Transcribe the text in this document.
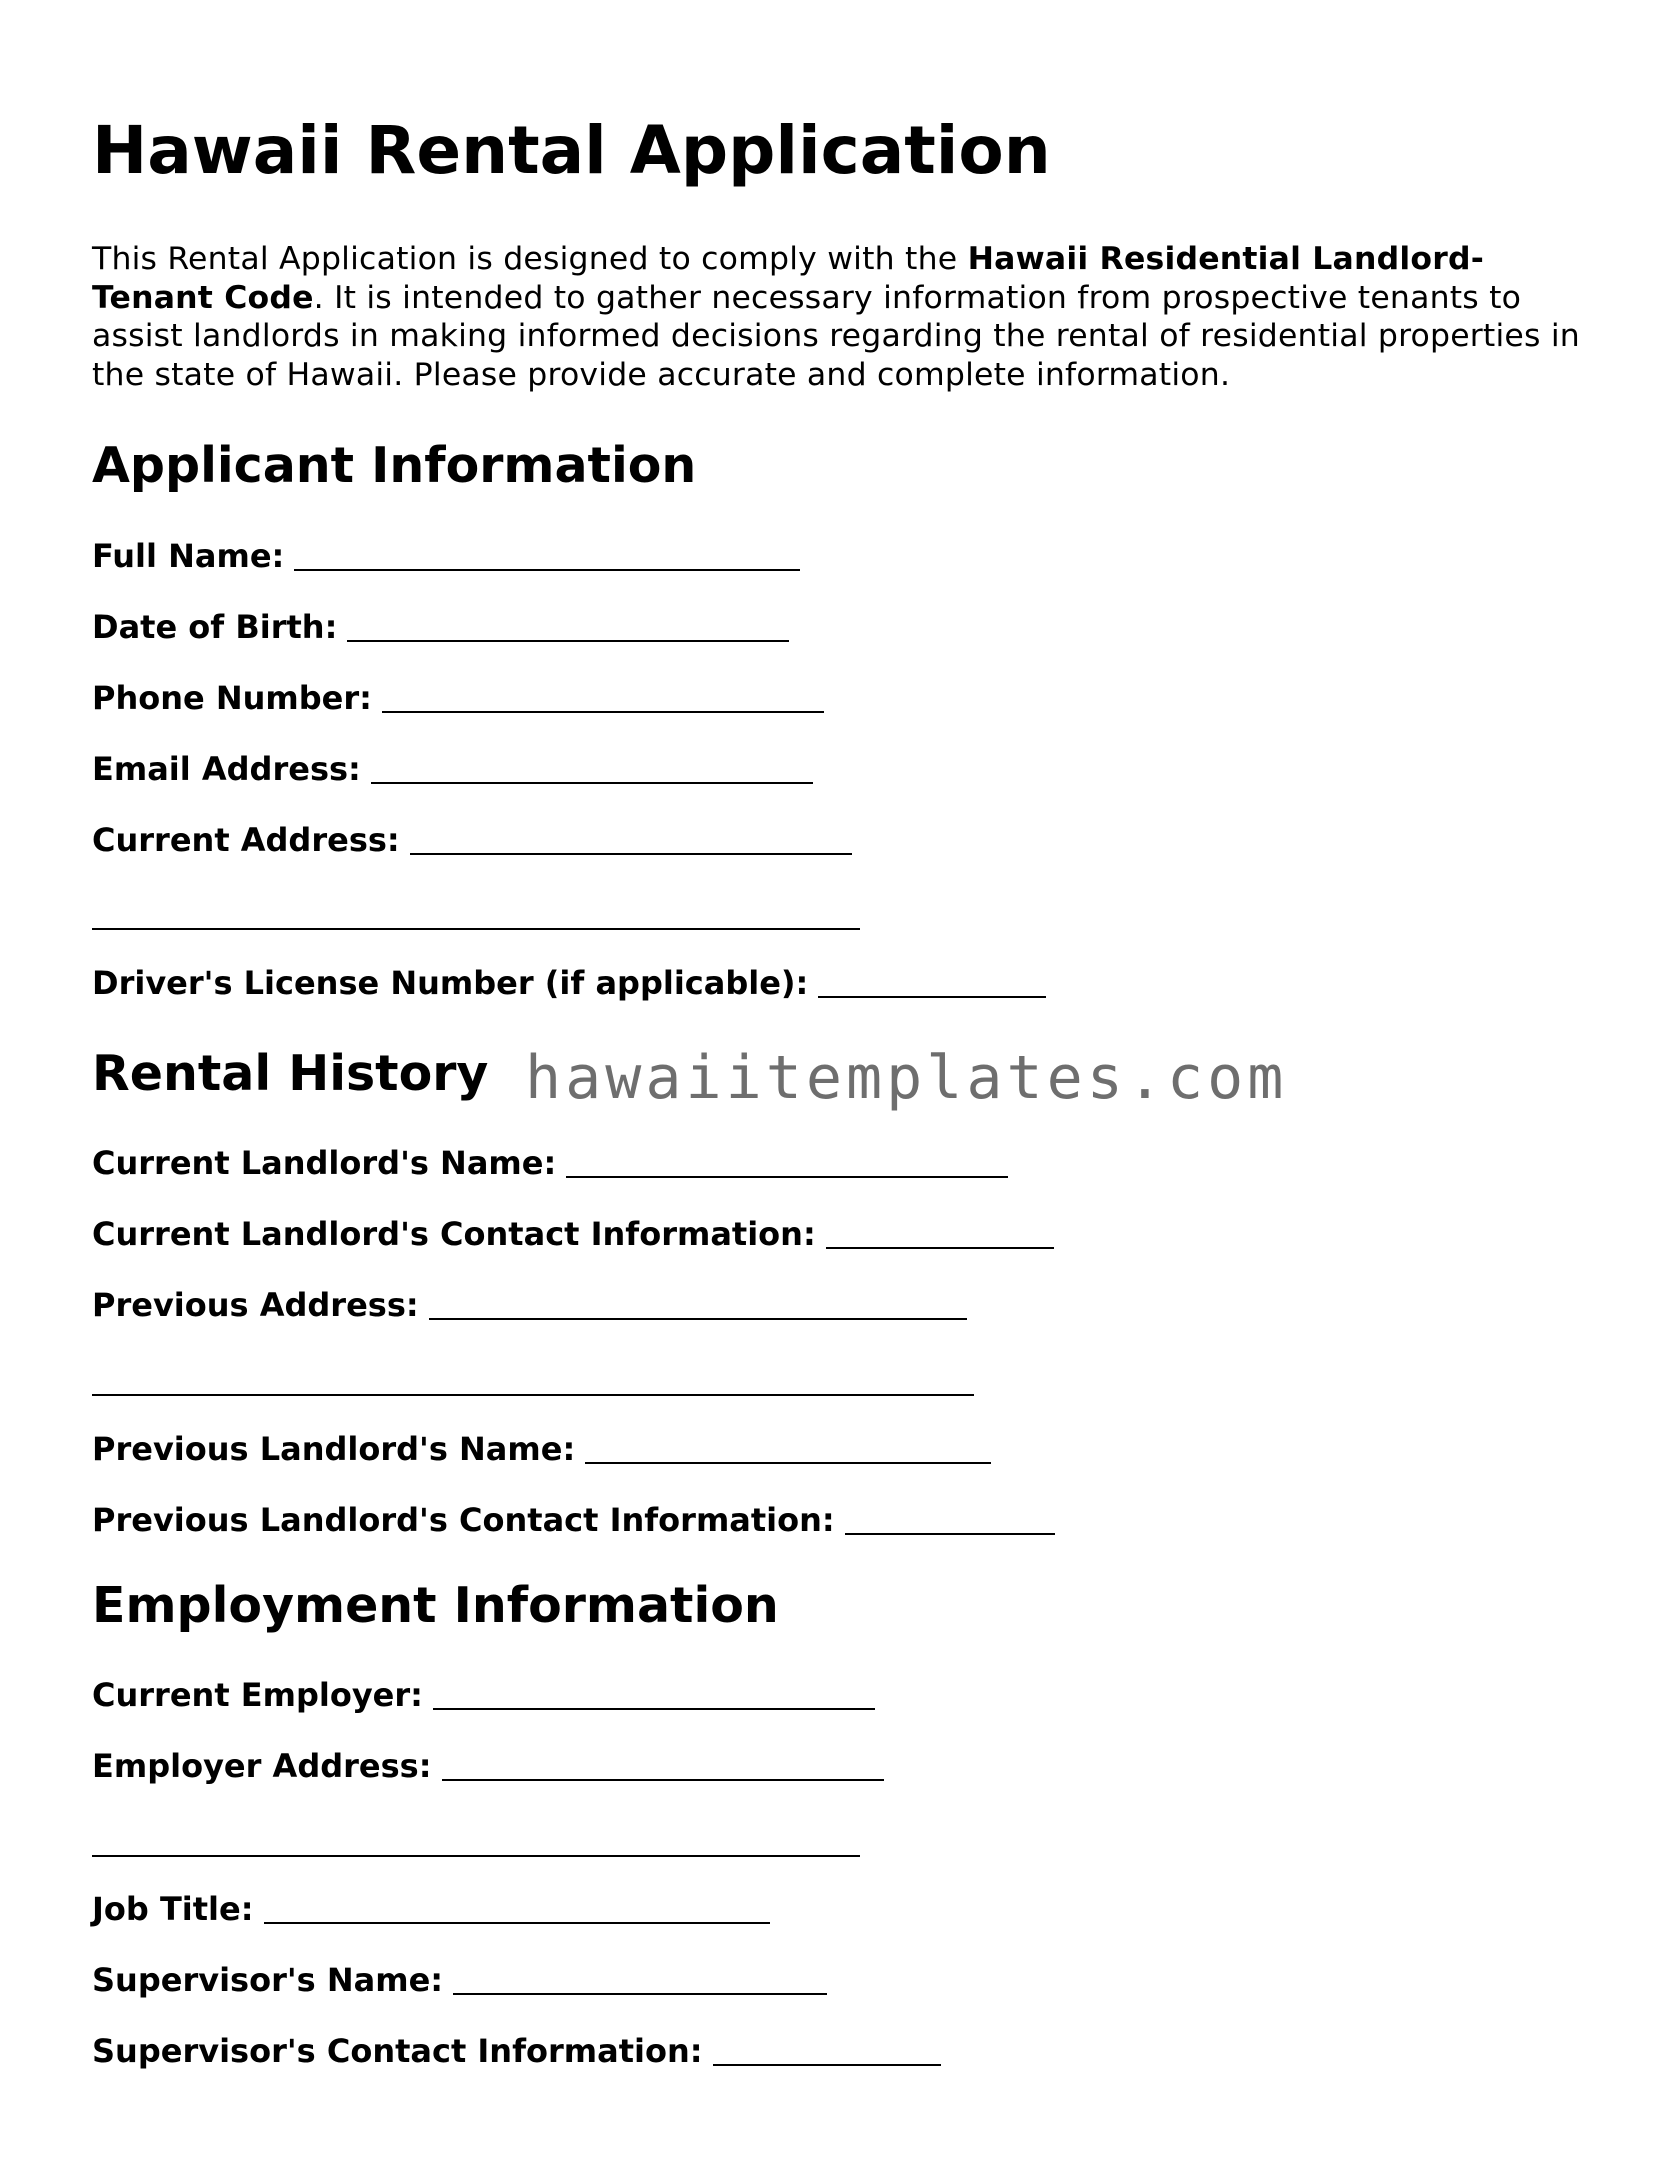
Hawaii Rental Application

This Rental Application is designed to comply with the Hawaii Residential Landlord-Tenant Code. It is intended to gather necessary information from prospective tenants to assist landlords in making informed decisions regarding the rental of residential properties in the state of Hawaii. Please provide accurate and complete information.

Applicant Information
Full Name:
Date of Birth:
Phone Number:
Email Address:
Current Address:
Driver's License Number (if applicable):
Rental History hawaiitemplates.com
Current Landlord's Name:
Current Landlord's Contact Information:
Previous Address:
Previous Landlord's Name:
Previous Landlord's Contact Information:
Employment Information
Current Employer:
Employer Address:
Job Title:
Supervisor's Name:
Supervisor's Contact Information:
